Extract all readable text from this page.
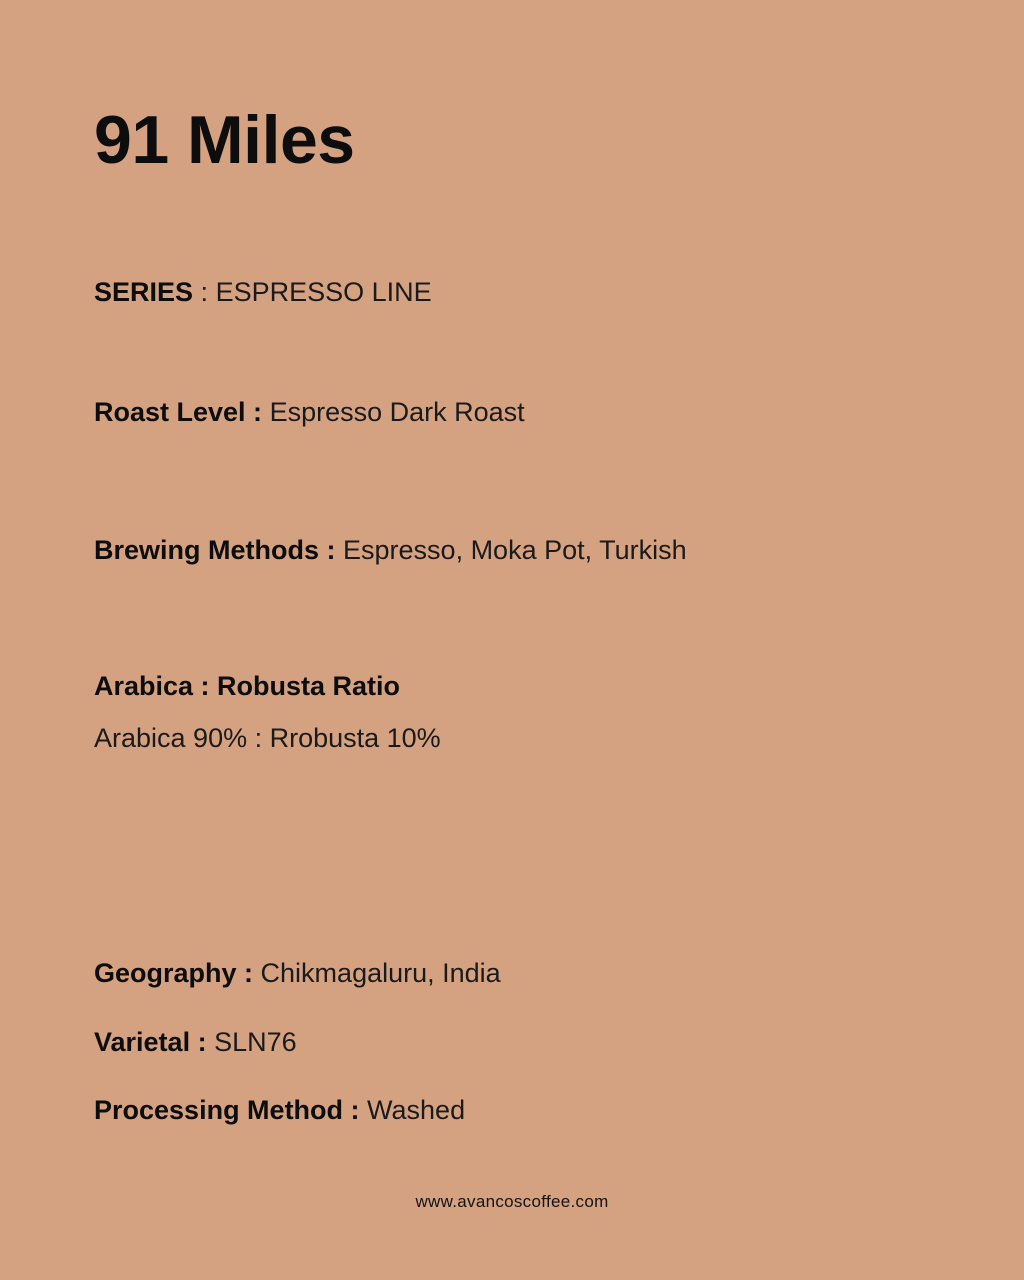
91 Miles
SERIES : ESPRESSO LINE
Roast Level : Espresso Dark Roast
Brewing Methods : Espresso, Moka Pot, Turkish
Arabica : Robusta Ratio
Arabica 90% : Rrobusta 10%
Geography : Chikmagaluru, India
Varietal : SLN76
Processing Method : Washed
www.avancoscoffee.com
